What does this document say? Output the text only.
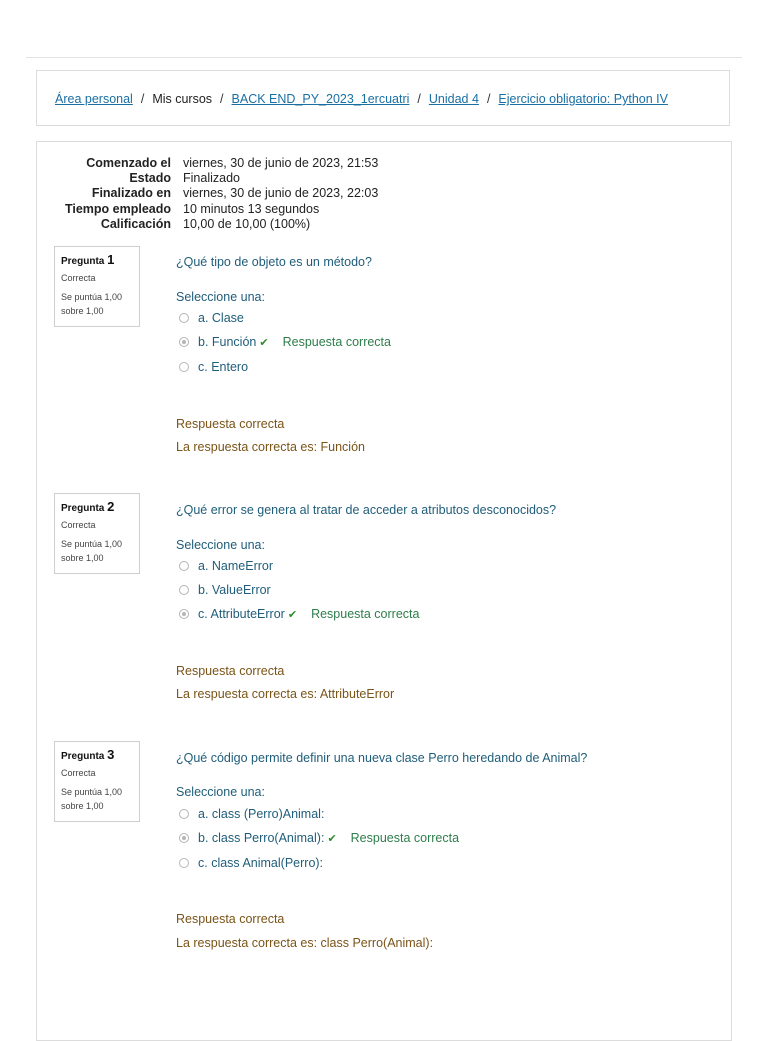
Área personal / Mis cursos / BACK END_PY_2023_1ercuatri / Unidad 4 / Ejercicio obligatorio: Python IV
Comenzado el viernes, 30 de junio de 2023, 21:53
Estado Finalizado
Finalizado en viernes, 30 de junio de 2023, 22:03
Tiempo empleado 10 minutos 13 segundos
Calificación 10,00 de 10,00 (100%)
Pregunta 1
Correcta
Se puntúa 1,00
sobre 1,00
¿Qué tipo de objeto es un método?
Seleccione una:
a. Clase
b. Función ✔ Respuesta correcta
c. Entero
Respuesta correcta
La respuesta correcta es: Función
Pregunta 2
Correcta
Se puntúa 1,00
sobre 1,00
¿Qué error se genera al tratar de acceder a atributos desconocidos?
Seleccione una:
a. NameError
b. ValueError
c. AttributeError ✔ Respuesta correcta
Respuesta correcta
La respuesta correcta es: AttributeError
Pregunta 3
Correcta
Se puntúa 1,00
sobre 1,00
¿Qué código permite definir una nueva clase Perro heredando de Animal?
Seleccione una:
a. class (Perro)Animal:
b. class Perro(Animal): ✔ Respuesta correcta
c. class Animal(Perro):
Respuesta correcta
La respuesta correcta es: class Perro(Animal):
